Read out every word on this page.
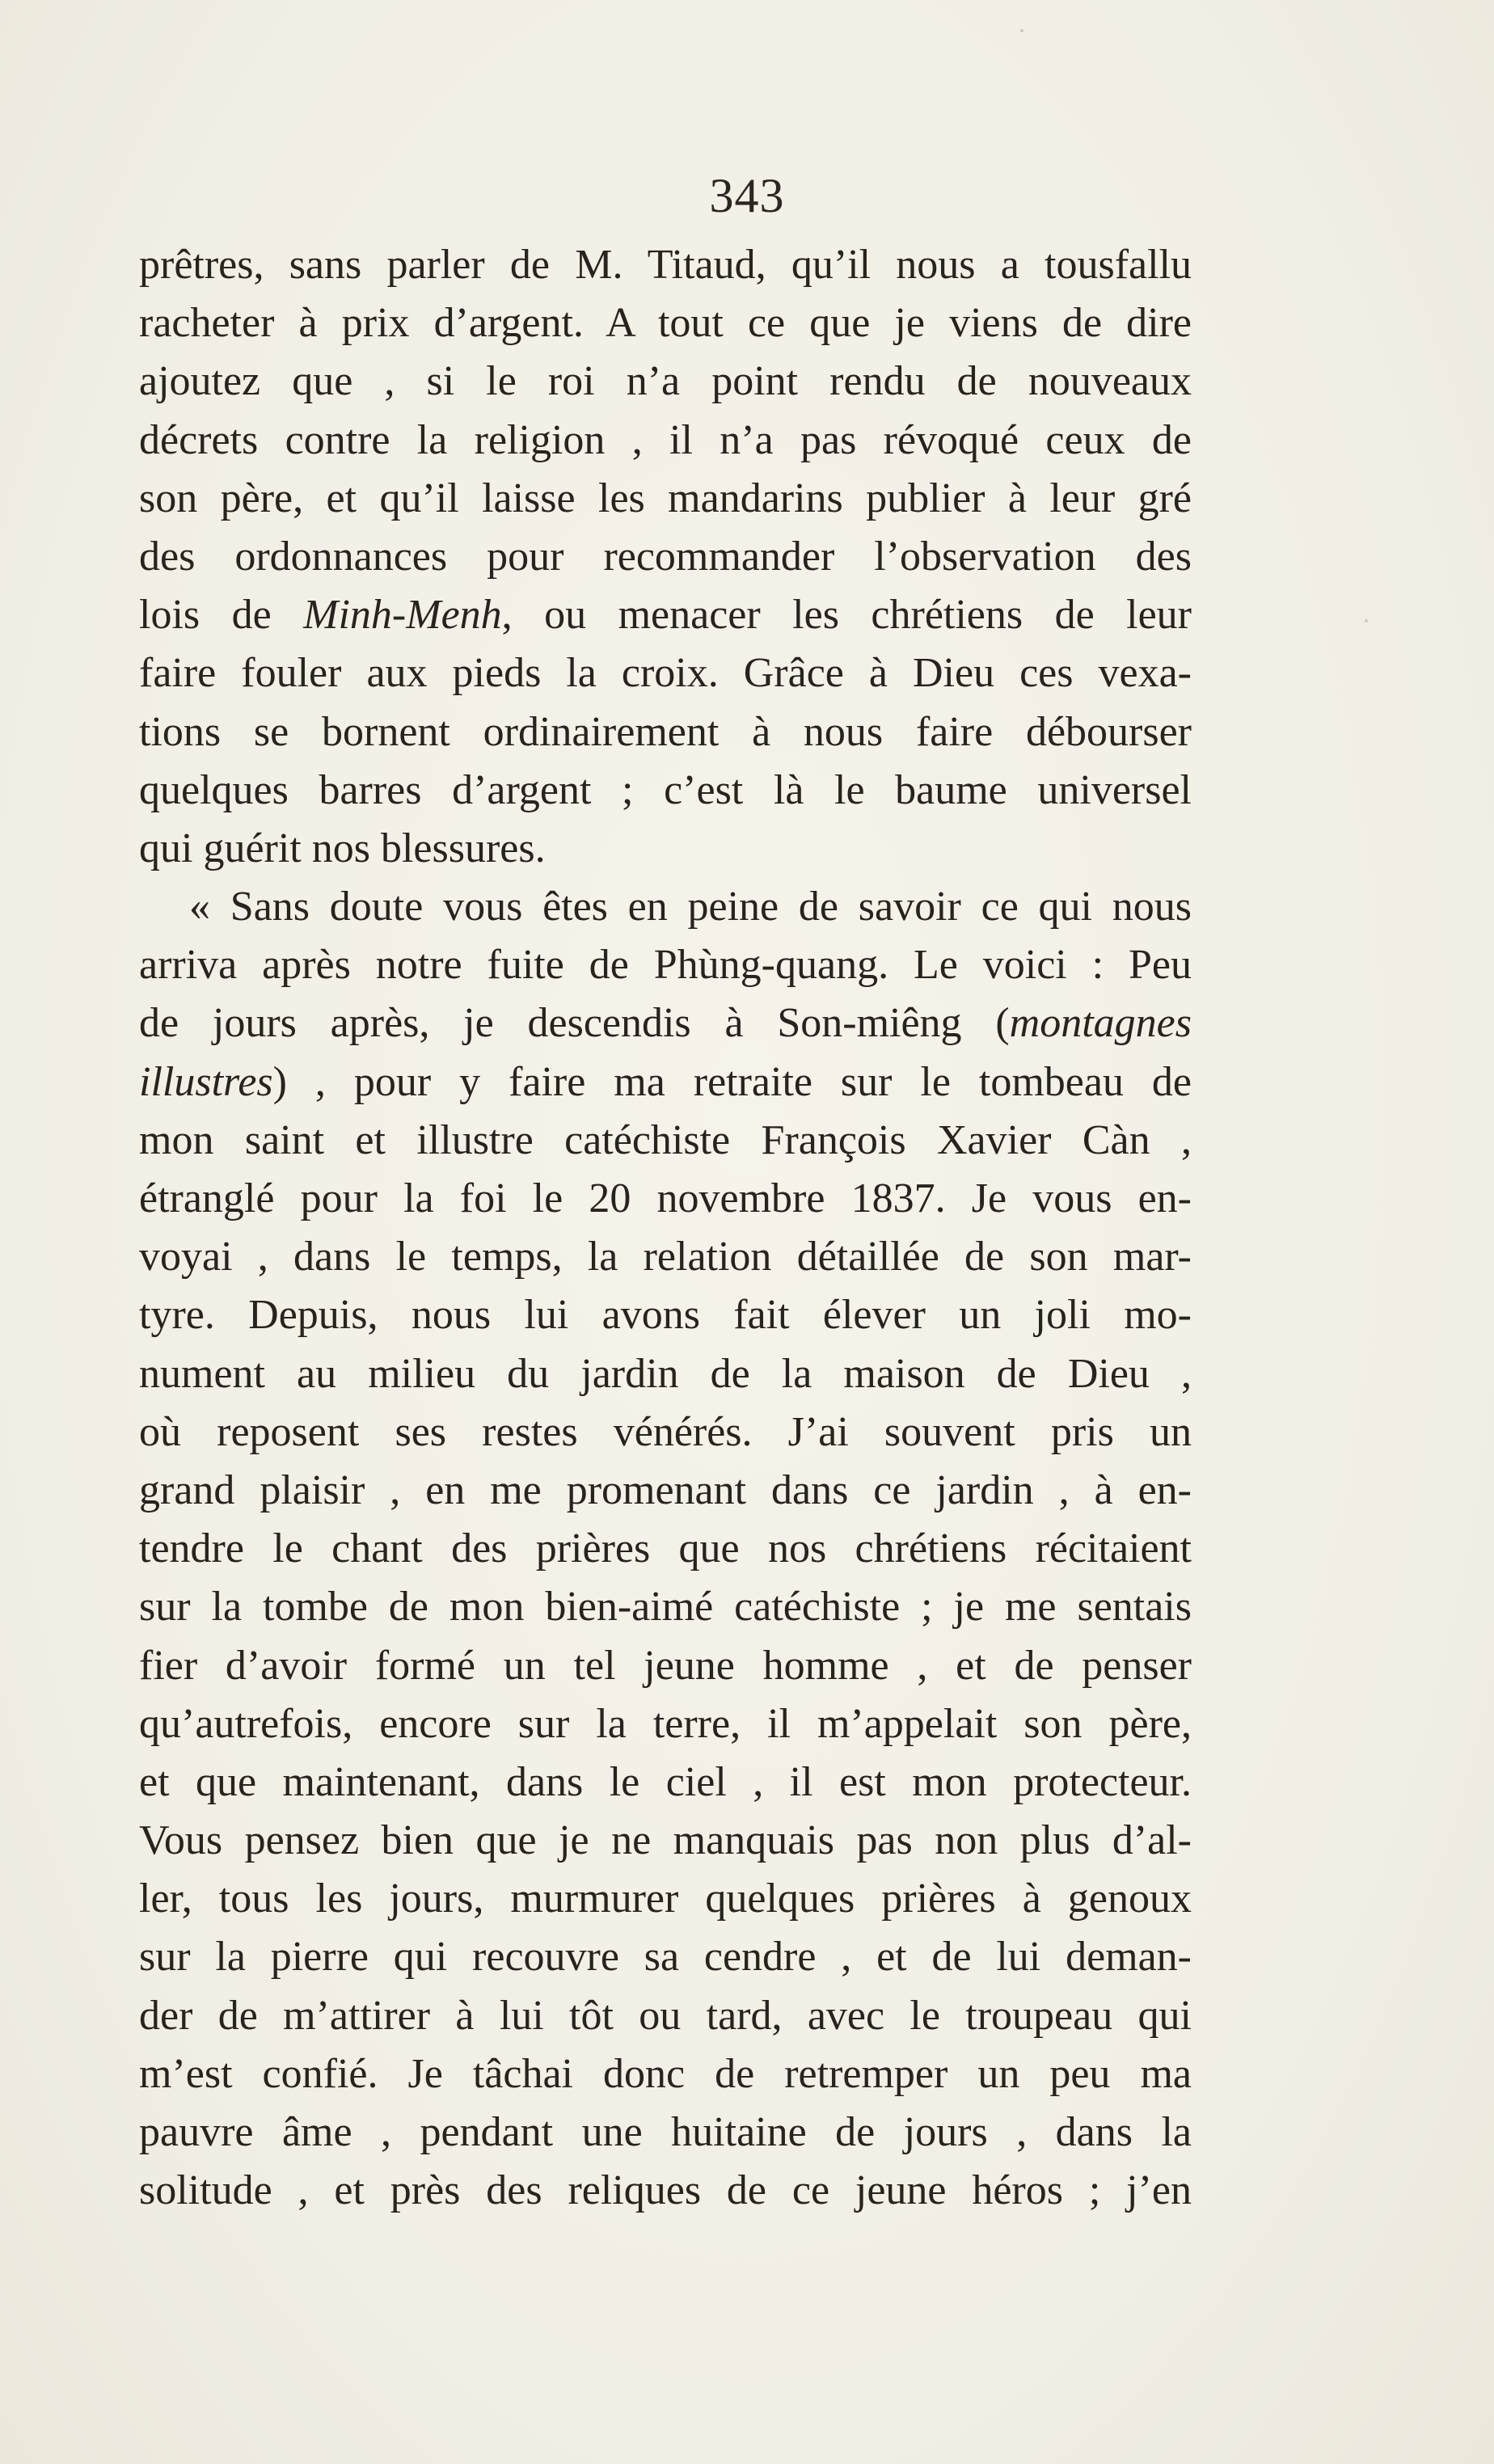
343
prêtres, sans parler de M. Titaud, qu’il nous a tousfallu
racheter à prix d’argent. A tout ce que je viens de dire
ajoutez que , si le roi n’a point rendu de nouveaux
décrets contre la religion , il n’a pas révoqué ceux de
son père, et qu’il laisse les mandarins publier à leur gré
des ordonnances pour recommander l’observation des
lois de Minh-Menh, ou menacer les chrétiens de leur
faire fouler aux pieds la croix. Grâce à Dieu ces vexa-
tions se bornent ordinairement à nous faire débourser
quelques barres d’argent ; c’est là le baume universel
qui guérit nos blessures.
« Sans doute vous êtes en peine de savoir ce qui nous
arriva après notre fuite de Phùng-quang. Le voici : Peu
de jours après, je descendis à Son-miêng (montagnes
illustres) , pour y faire ma retraite sur le tombeau de
mon saint et illustre catéchiste François Xavier Càn ,
étranglé pour la foi le 20 novembre 1837. Je vous en-
voyai , dans le temps, la relation détaillée de son mar-
tyre. Depuis, nous lui avons fait élever un joli mo-
nument au milieu du jardin de la maison de Dieu ,
où reposent ses restes vénérés. J’ai souvent pris un
grand plaisir , en me promenant dans ce jardin , à en-
tendre le chant des prières que nos chrétiens récitaient
sur la tombe de mon bien-aimé catéchiste ; je me sentais
fier d’avoir formé un tel jeune homme , et de penser
qu’autrefois, encore sur la terre, il m’appelait son père,
et que maintenant, dans le ciel , il est mon protecteur.
Vous pensez bien que je ne manquais pas non plus d’al-
ler, tous les jours, murmurer quelques prières à genoux
sur la pierre qui recouvre sa cendre , et de lui deman-
der de m’attirer à lui tôt ou tard, avec le troupeau qui
m’est confié. Je tâchai donc de retremper un peu ma
pauvre âme , pendant une huitaine de jours , dans la
solitude , et près des reliques de ce jeune héros ; j’en
